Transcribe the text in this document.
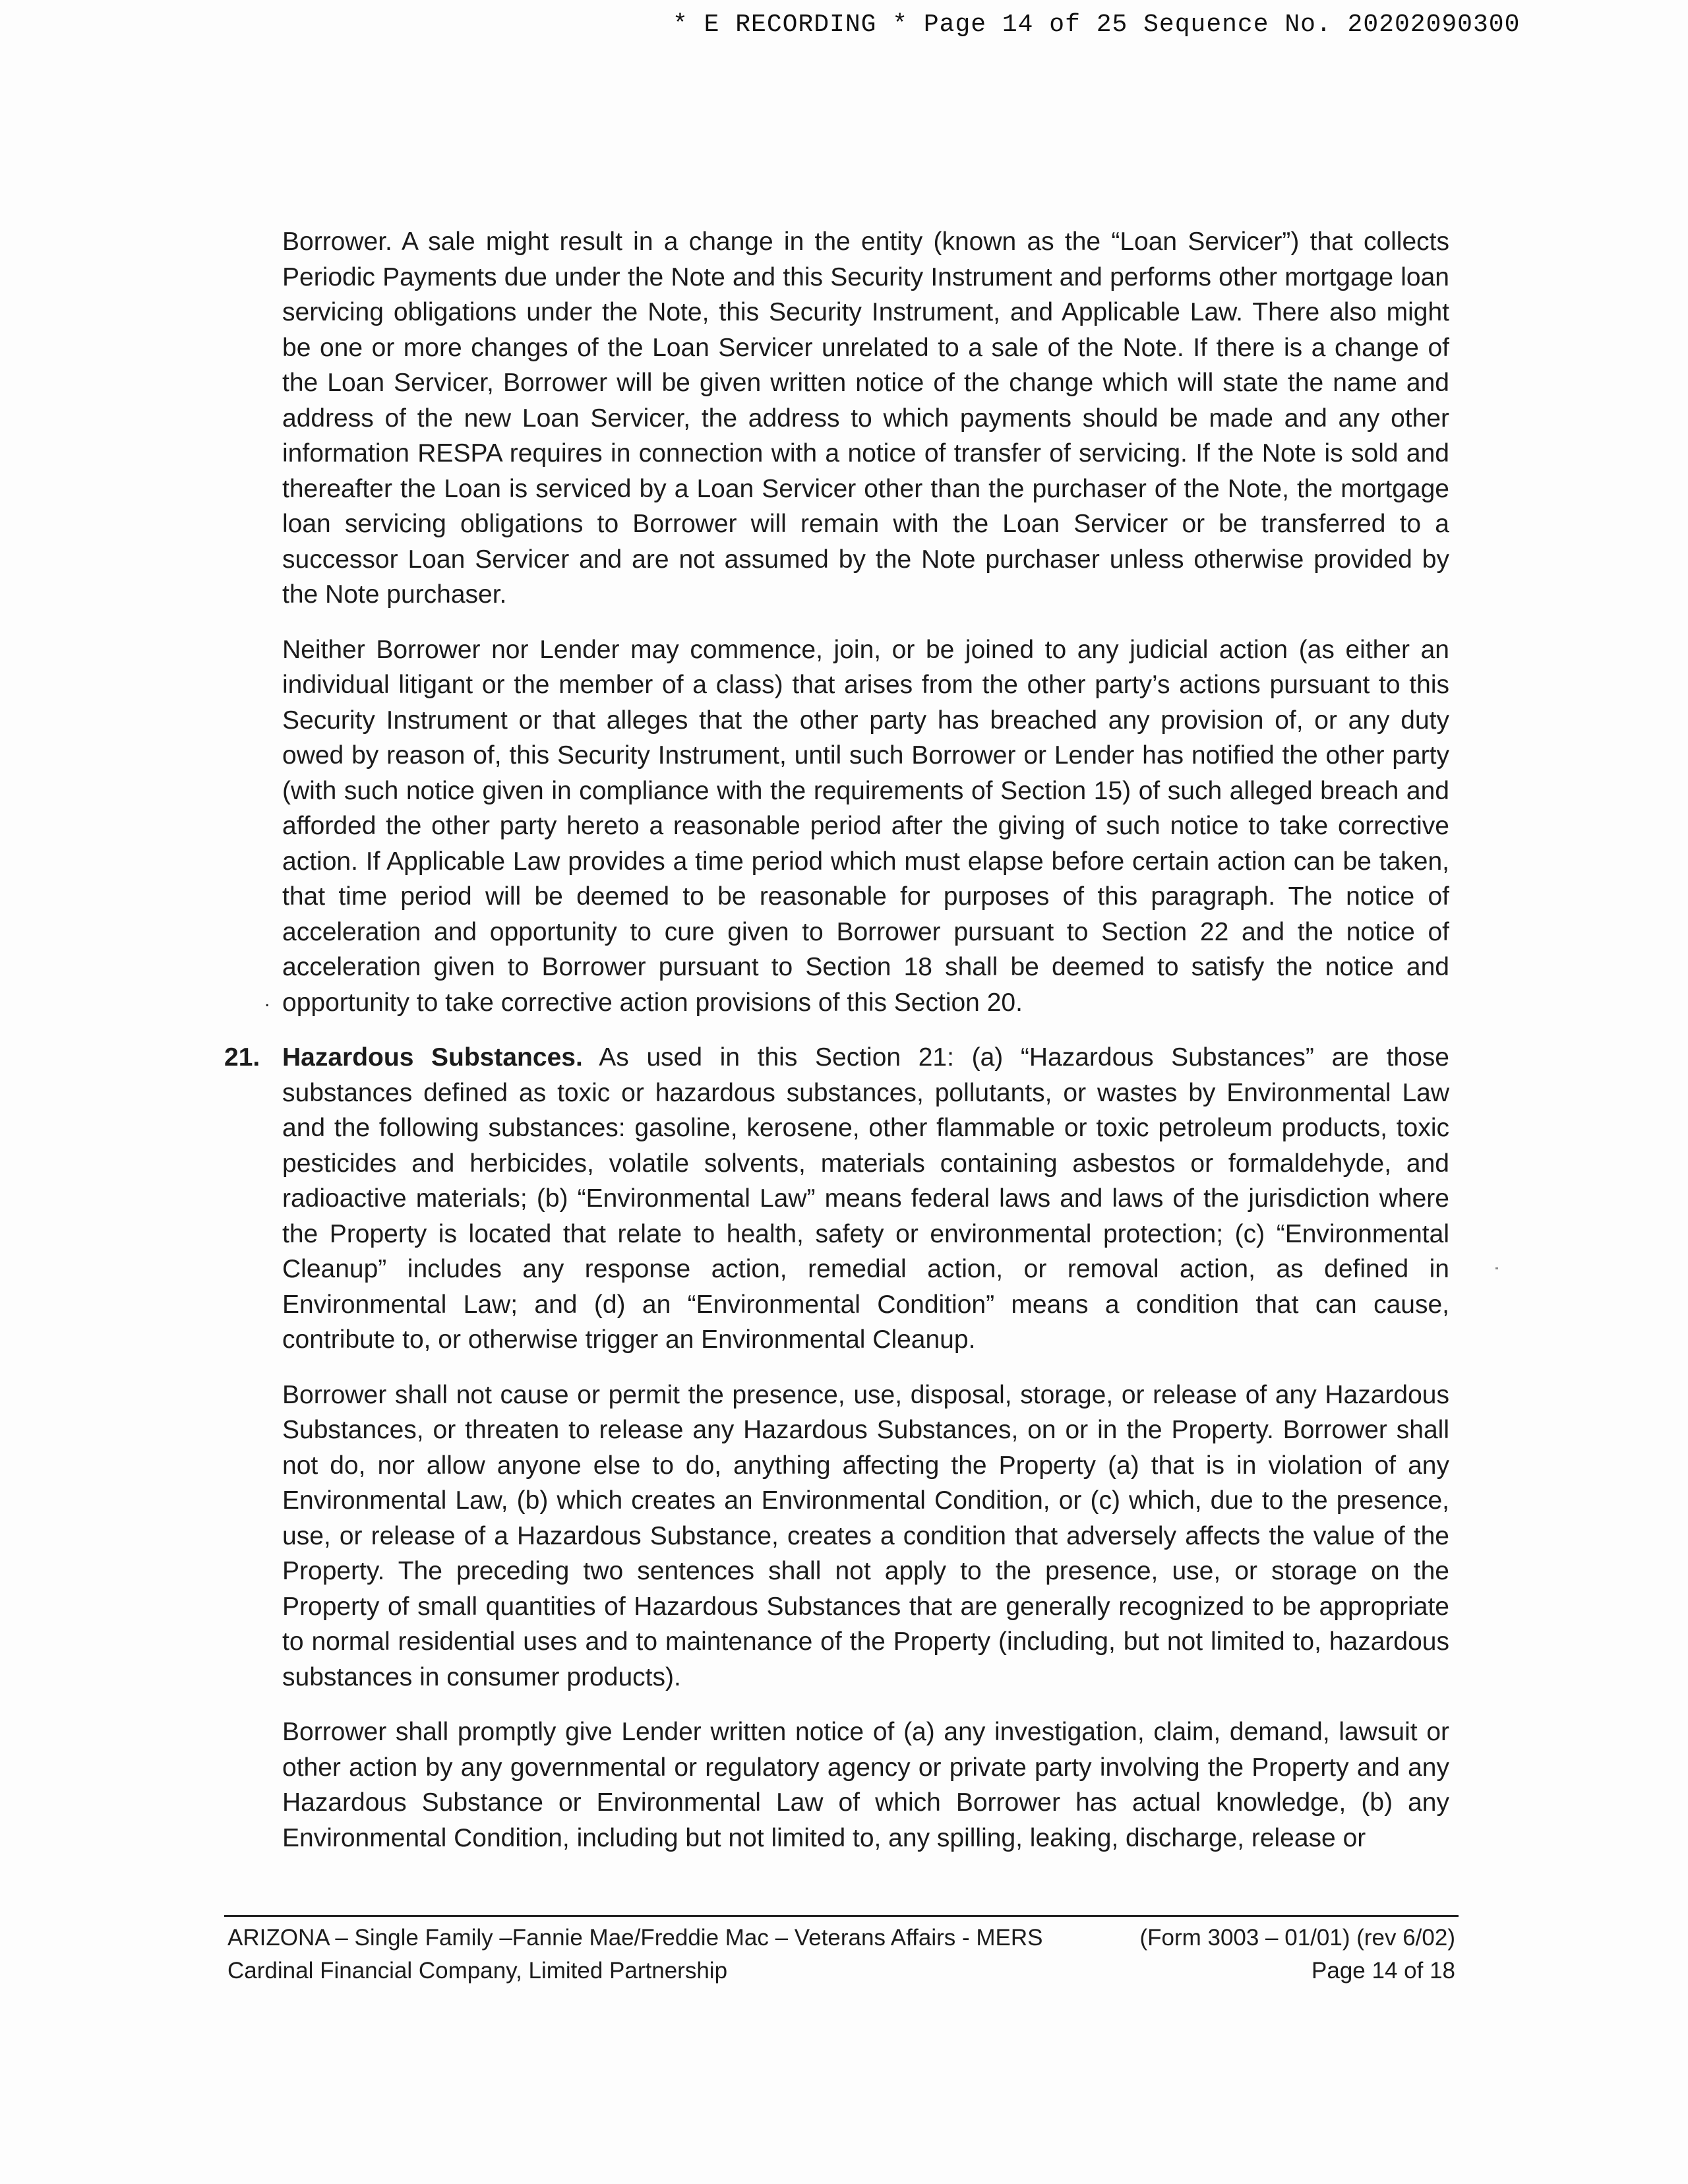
* E RECORDING * Page 14 of 25 Sequence No. 20202090300

Borrower. A sale might result in a change in the entity (known as the “Loan Servicer”) that collects Periodic Payments due under the Note and this Security Instrument and performs other mortgage loan servicing obligations under the Note, this Security Instrument, and Applicable Law. There also might be one or more changes of the Loan Servicer unrelated to a sale of the Note. If there is a change of the Loan Servicer, Borrower will be given written notice of the change which will state the name and address of the new Loan Servicer, the address to which payments should be made and any other information RESPA requires in connection with a notice of transfer of servicing. If the Note is sold and thereafter the Loan is serviced by a Loan Servicer other than the purchaser of the Note, the mortgage loan servicing obligations to Borrower will remain with the Loan Servicer or be transferred to a successor Loan Servicer and are not assumed by the Note purchaser unless otherwise provided by the Note purchaser.

.
Neither Borrower nor Lender may commence, join, or be joined to any judicial action (as either an individual litigant or the member of a class) that arises from the other party’s actions pursuant to this Security Instrument or that alleges that the other party has breached any provision of, or any duty owed by reason of, this Security Instrument, until such Borrower or Lender has notified the other party (with such notice given in compliance with the requirements of Section 15) of such alleged breach and afforded the other party hereto a reasonable period after the giving of such notice to take corrective action. If Applicable Law provides a time period which must elapse before certain action can be taken, that time period will be deemed to be reasonable for purposes of this paragraph. The notice of acceleration and opportunity to cure given to Borrower pursuant to Section 22 and the notice of acceleration given to Borrower pursuant to Section 18 shall be deemed to satisfy the notice and opportunity to take corrective action provisions of this Section 20.

21. Hazardous Substances. As used in this Section 21: (a) “Hazardous Substances” are those substances defined as toxic or hazardous substances, pollutants, or wastes by Environmental Law and the following substances: gasoline, kerosene, other flammable or toxic petroleum products, toxic pesticides and herbicides, volatile solvents, materials containing asbestos or formaldehyde, and radioactive materials; (b) “Environmental Law” means federal laws and laws of the jurisdiction where the Property is located that relate to health, safety or environmental protection; (c) “Environmental Cleanup” includes any response action, remedial action, or removal action, as defined in Environmental Law; and (d) an “Environmental Condition” means a condition that can cause, contribute to, or otherwise trigger an Environmental Cleanup.

Borrower shall not cause or permit the presence, use, disposal, storage, or release of any Hazardous Substances, or threaten to release any Hazardous Substances, on or in the Property. Borrower shall not do, nor allow anyone else to do, anything affecting the Property (a) that is in violation of any Environmental Law, (b) which creates an Environmental Condition, or (c) which, due to the presence, use, or release of a Hazardous Substance, creates a condition that adversely affects the value of the Property. The preceding two sentences shall not apply to the presence, use, or storage on the Property of small quantities of Hazardous Substances that are generally recognized to be appropriate to normal residential uses and to maintenance of the Property (including, but not limited to, hazardous substances in consumer products).

Borrower shall promptly give Lender written notice of (a) any investigation, claim, demand, lawsuit or other action by any governmental or regulatory agency or private party involving the Property and any Hazardous Substance or Environmental Law of which Borrower has actual knowledge, (b) any Environmental Condition, including but not limited to, any spilling, leaking, discharge, release or

ARIZONA – Single Family –Fannie Mae/Freddie Mac – Veterans Affairs - MERS
Cardinal Financial Company, Limited Partnership
(Form 3003 – 01/01) (rev 6/02)
Page 14 of 18
